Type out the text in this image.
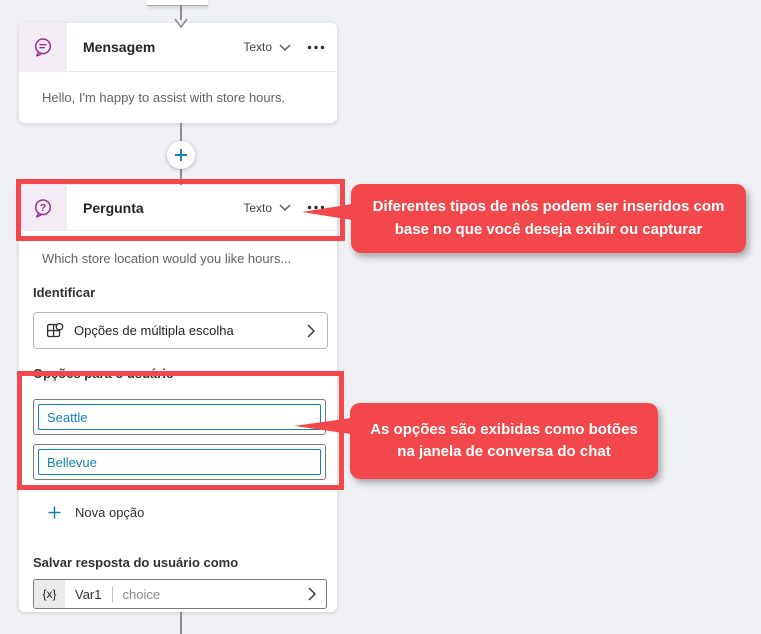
Mensagem	Texto
Hello, I'm happy to assist with store hours.
?	Pergunta	Texto
Which store location would you like hours...
Identificar
Opções de múltipla escolha
Opções para o usuário
Seattle
Bellevue
Nova opção
Salvar resposta do usuário como
{x}	Var1 choice
Diferentes tipos de nós podem ser inseridos com base no que você deseja exibir ou capturar
As opções são exibidas como botões na janela de conversa do chat
